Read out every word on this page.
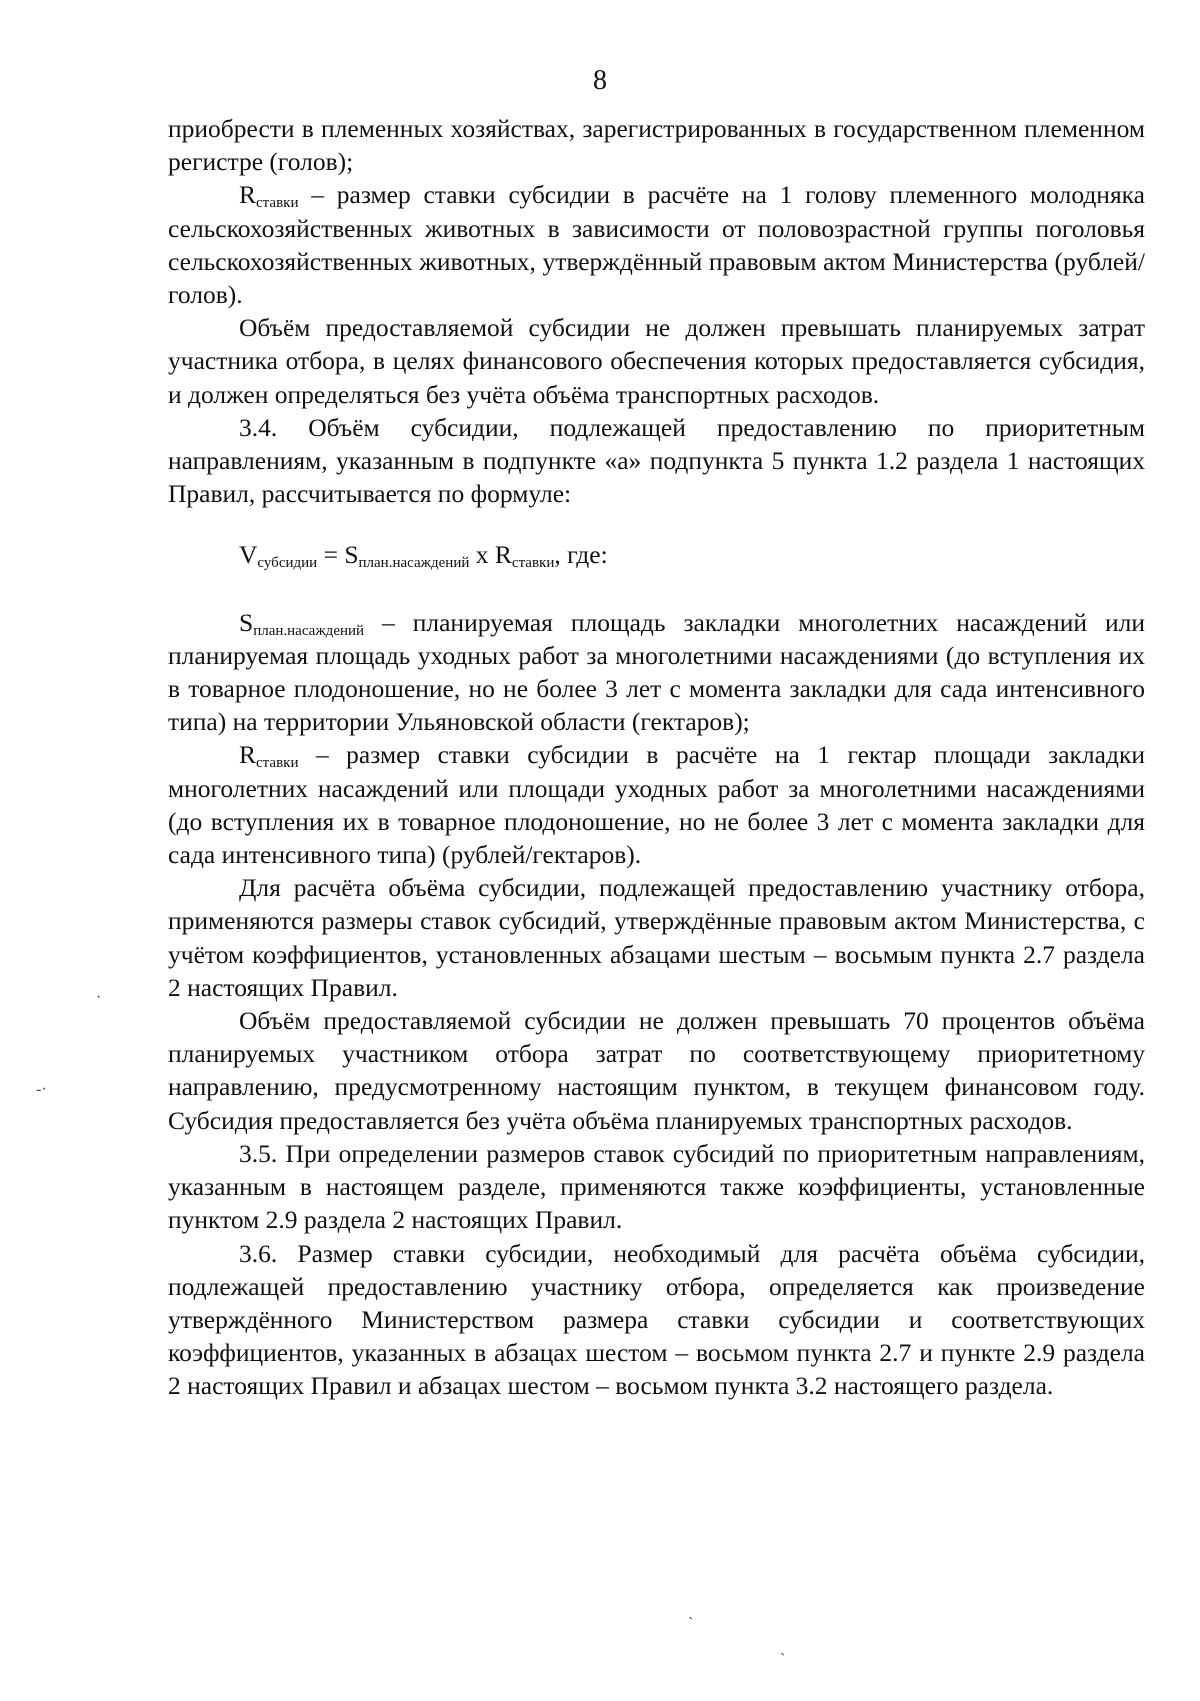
8

приобрести в племенных хозяйствах, зарегистрированных в государственном племенном регистре (голов);

$R_{ставки}$ – размер ставки субсидии в расчёте на 1 голову племенного молодняка сельскохозяйственных животных в зависимости от половозрастной группы поголовья сельскохозяйственных животных, утверждённый правовым актом Министерства (рублей/голов).

Объём предоставляемой субсидии не должен превышать планируемых затрат участника отбора, в целях финансового обеспечения которых предоставляется субсидия, и должен определяться без учёта объёма транспортных расходов.

3.4. Объём субсидии, подлежащей предоставлению по приоритетным направлениям, указанным в подпункте «а» подпункта 5 пункта 1.2 раздела 1 настоящих Правил, рассчитывается по формуле:

$V_{субсидии} = S_{план.насаждений}$ x $R_{ставки}$, где:

$S_{план.насаждений}$ – планируемая площадь закладки многолетних насаждений или планируемая площадь уходных работ за многолетними насаждениями (до вступления их в товарное плодоношение, но не более 3 лет с момента закладки для сада интенсивного типа) на территории Ульяновской области (гектаров);

$R_{ставки}$ – размер ставки субсидии в расчёте на 1 гектар площади закладки многолетних насаждений или площади уходных работ за многолетними насаждениями (до вступления их в товарное плодоношение, но не более 3 лет с момента закладки для сада интенсивного типа) (рублей/гектаров).

Для расчёта объёма субсидии, подлежащей предоставлению участнику отбора, применяются размеры ставок субсидий, утверждённые правовым актом Министерства, с учётом коэффициентов, установленных абзацами шестым – восьмым пункта 2.7 раздела 2 настоящих Правил.

Объём предоставляемой субсидии не должен превышать 70 процентов объёма планируемых участником отбора затрат по соответствующему приоритетному направлению, предусмотренному настоящим пунктом, в текущем финансовом году. Субсидия предоставляется без учёта объёма планируемых транспортных расходов.

3.5. При определении размеров ставок субсидий по приоритетным направлениям, указанным в настоящем разделе, применяются также коэффициенты, установленные пунктом 2.9 раздела 2 настоящих Правил.

3.6. Размер ставки субсидии, необходимый для расчёта объёма субсидии, подлежащей предоставлению участнику отбора, определяется как произведение утверждённого Министерством размера ставки субсидии и соответствующих коэффициентов, указанных в абзацах шестом – восьмом пункта 2.7 и пункте 2.9 раздела 2 настоящих Правил и абзацах шестом – восьмом пункта 3.2 настоящего раздела.

‐·
·
ˋ
ˏ
